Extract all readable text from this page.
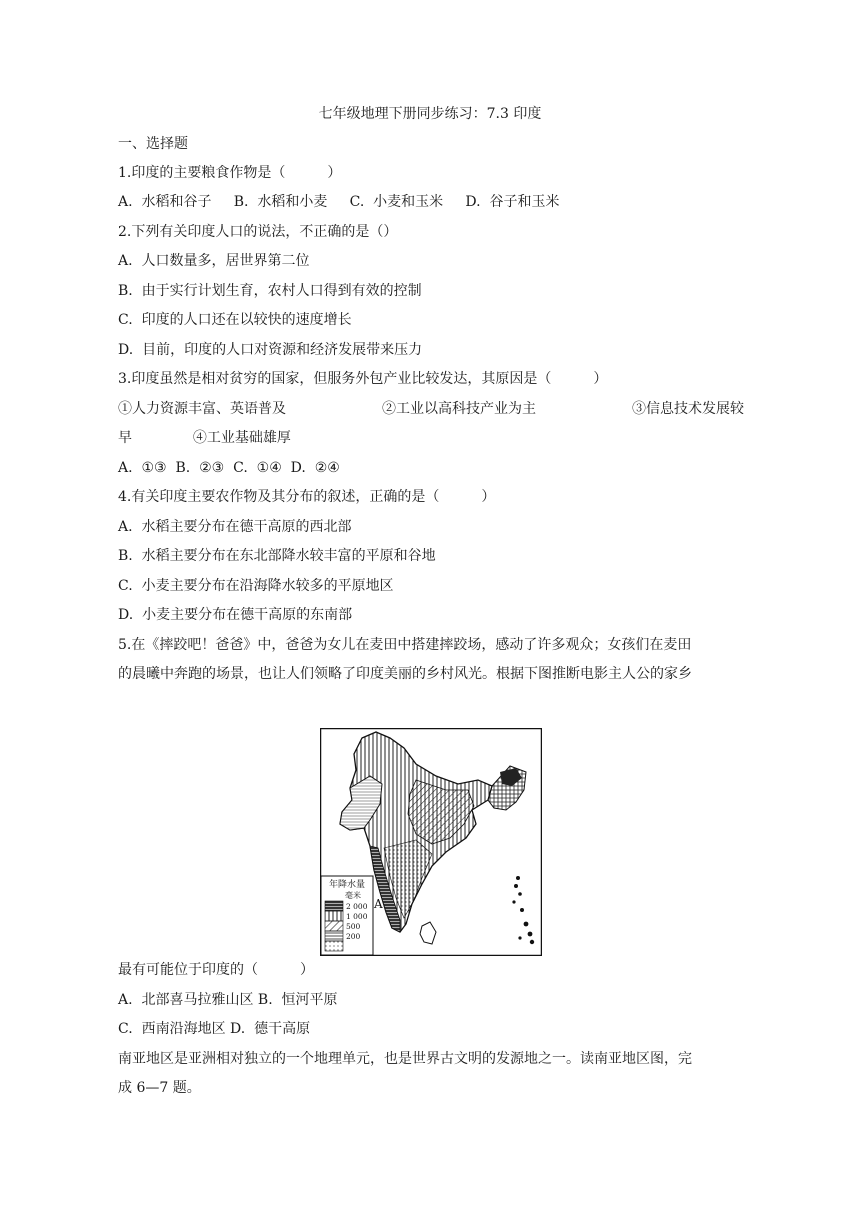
七年级地理下册同步练习：7.3 印度
一、选择题
1.印度的主要粮食作物是（　　　）
A.  水稻和谷子     B.  水稻和小麦     C.  小麦和玉米     D.  谷子和玉米
2.下列有关印度人口的说法，不正确的是（）
A.  人口数量多，居世界第二位
B.  由于实行计划生育，农村人口得到有效的控制
C.  印度的人口还在以较快的速度增长
D.  目前，印度的人口对资源和经济发展带来压力
3.印度虽然是相对贫穷的国家，但服务外包产业比较发达，其原因是（　　　）
①人力资源丰富、英语普及	②工业以高科技产业为主	③信息技术发展较
早	④工业基础雄厚
A.  ①③  B.  ②③  C.  ①④  D.  ②④
4.有关印度主要农作物及其分布的叙述，正确的是（　　　）
A.  水稻主要分布在德干高原的西北部
B.  水稻主要分布在东北部降水较丰富的平原和谷地
C.  小麦主要分布在沿海降水较多的平原地区
D.  小麦主要分布在德干高原的东南部
5.在《摔跤吧！爸爸》中，爸爸为女儿在麦田中搭建摔跤场，感动了许多观众；女孩们在麦田
的晨曦中奔跑的场景，也让人们领略了印度美丽的乡村风光。根据下图推断电影主人公的家乡
年降水量
毫米
2 000
1 000
500
200
A
最有可能位于印度的（　　　）
A.  北部喜马拉雅山区 B.  恒河平原
C.  西南沿海地区 D.  德干高原
南亚地区是亚洲相对独立的一个地理单元，也是世界古文明的发源地之一。读南亚地区图，完
成 6—7 题。
